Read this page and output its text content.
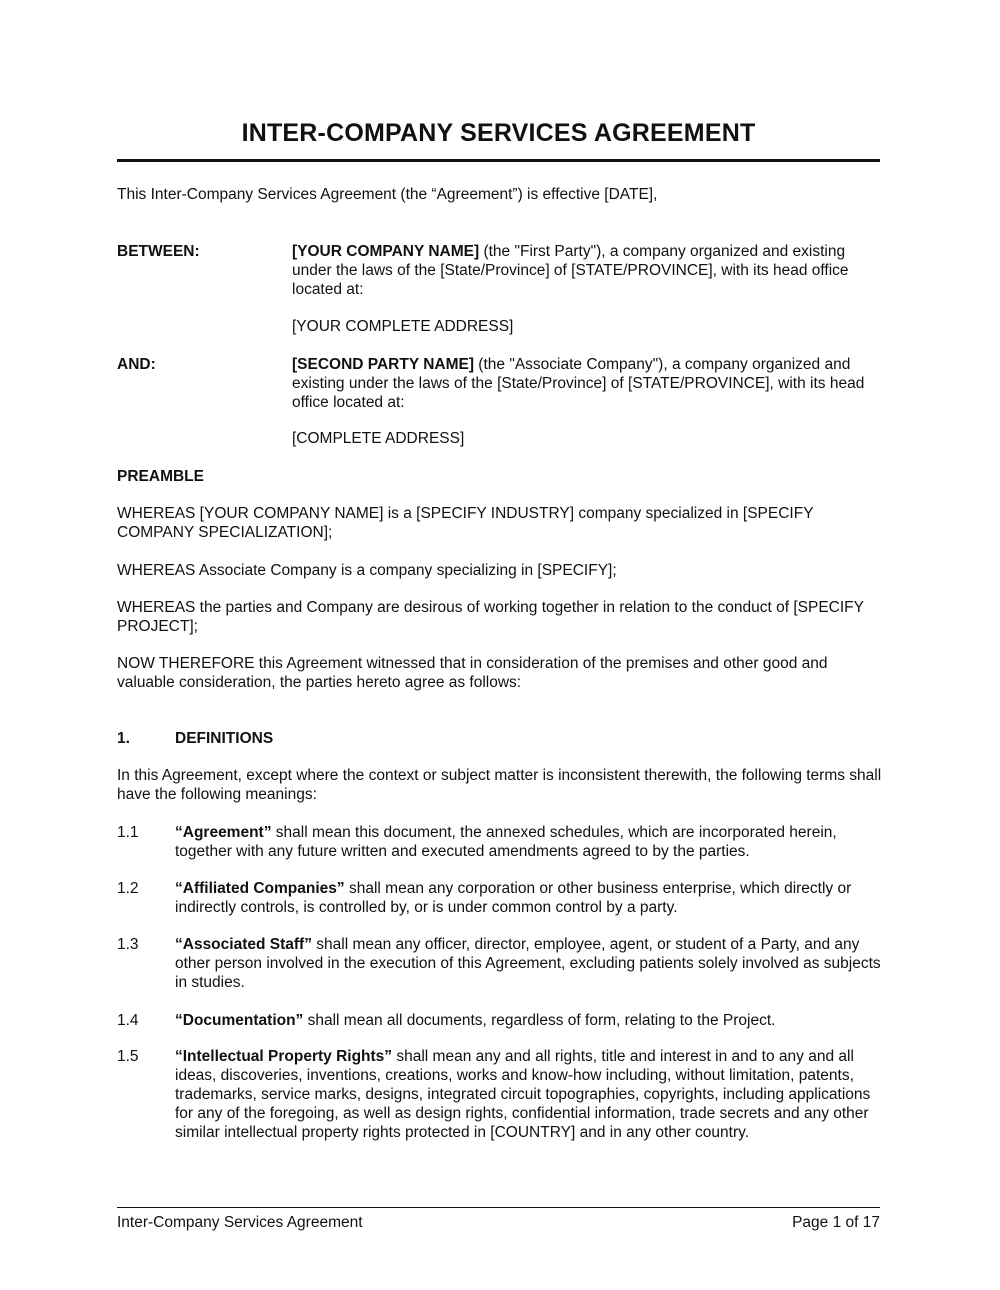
INTER-COMPANY SERVICES AGREEMENT

This Inter-Company Services Agreement (the “Agreement”) is effective [DATE],

BETWEEN:	[YOUR COMPANY NAME] (the "First Party"), a company organized and existing under the laws of the [State/Province] of [STATE/PROVINCE], with its head office located at:

[YOUR COMPLETE ADDRESS]

AND:	[SECOND PARTY NAME] (the "Associate Company"), a company organized and existing under the laws of the [State/Province] of [STATE/PROVINCE], with its head office located at:

[COMPLETE ADDRESS]

PREAMBLE

WHEREAS [YOUR COMPANY NAME] is a [SPECIFY INDUSTRY] company specialized in [SPECIFY COMPANY SPECIALIZATION];

WHEREAS Associate Company is a company specializing in [SPECIFY];

WHEREAS the parties and Company are desirous of working together in relation to the conduct of [SPECIFY PROJECT];

NOW THEREFORE this Agreement witnessed that in consideration of the premises and other good and valuable consideration, the parties hereto agree as follows:

1.	DEFINITIONS

In this Agreement, except where the context or subject matter is inconsistent therewith, the following terms shall have the following meanings:

1.1 “Agreement” shall mean this document, the annexed schedules, which are incorporated herein, together with any future written and executed amendments agreed to by the parties.

1.2 “Affiliated Companies” shall mean any corporation or other business enterprise, which directly or indirectly controls, is controlled by, or is under common control by a party.

1.3 “Associated Staff” shall mean any officer, director, employee, agent, or student of a Party, and any other person involved in the execution of this Agreement, excluding patients solely involved as subjects in studies.

1.4 “Documentation” shall mean all documents, regardless of form, relating to the Project.

1.5 “Intellectual Property Rights” shall mean any and all rights, title and interest in and to any and all ideas, discoveries, inventions, creations, works and know-how including, without limitation, patents, trademarks, service marks, designs, integrated circuit topographies, copyrights, including applications for any of the foregoing, as well as design rights, confidential information, trade secrets and any other similar intellectual property rights protected in [COUNTRY] and in any other country.

Inter-Company Services Agreement	Page 1 of 17
